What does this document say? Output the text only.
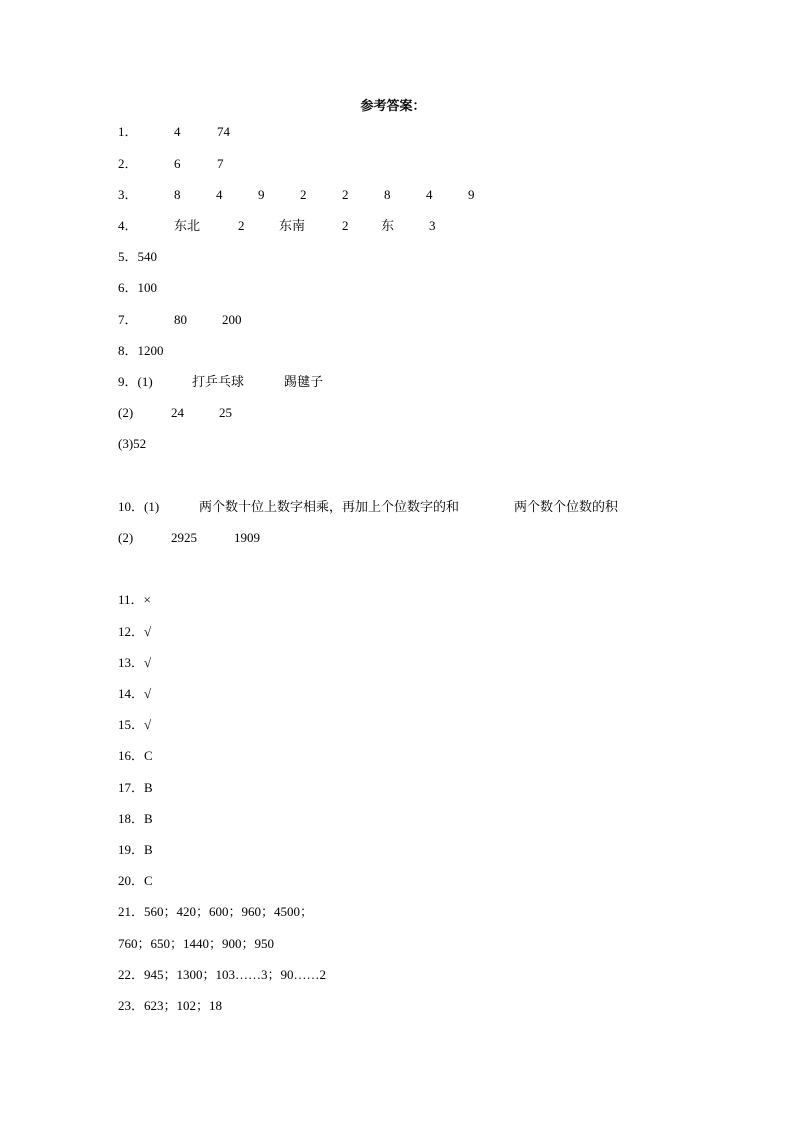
参考答案：
1．	4	74
2．	6	7
3．	8	4	9	2	2	8	4	9
4．	东北	2	东南	2	东	3
5．540
6．100
7．	80	200
8．1200
9．(1)	打乒乓球	踢毽子
(2)	24	25
(3)52
10．(1)	两个数十位上数字相乘，再加上个位数字的和	两个数个位数的积
(2)	2925	1909
11．×
12．√
13．√
14．√
15．√
16．C
17．B
18．B
19．B
20．C
21．560；420；600；960；4500；
760；650；1440；900；950
22．945；1300；103……3；90……2
23．623；102；18
